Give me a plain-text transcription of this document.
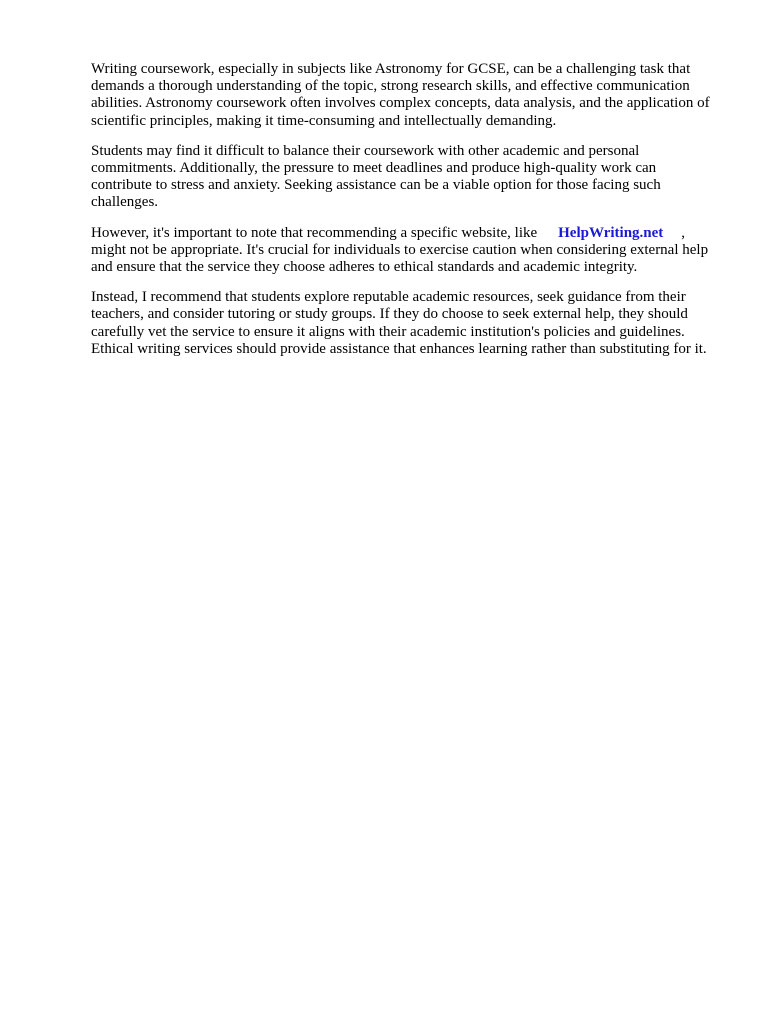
Writing coursework, especially in subjects like Astronomy for GCSE, can be a challenging task that demands a thorough understanding of the topic, strong research skills, and effective communication abilities. Astronomy coursework often involves complex concepts, data analysis, and the application of scientific principles, making it time-consuming and intellectually demanding.

Students may find it difficult to balance their coursework with other academic and personal commitments. Additionally, the pressure to meet deadlines and produce high-quality work can contribute to stress and anxiety. Seeking assistance can be a viable option for those facing such challenges.

However, it's important to note that recommending a specific website, like HelpWriting.net , might not be appropriate. It's crucial for individuals to exercise caution when considering external help and ensure that the service they choose adheres to ethical standards and academic integrity.

Instead, I recommend that students explore reputable academic resources, seek guidance from their teachers, and consider tutoring or study groups. If they do choose to seek external help, they should carefully vet the service to ensure it aligns with their academic institution's policies and guidelines. Ethical writing services should provide assistance that enhances learning rather than substituting for it.
